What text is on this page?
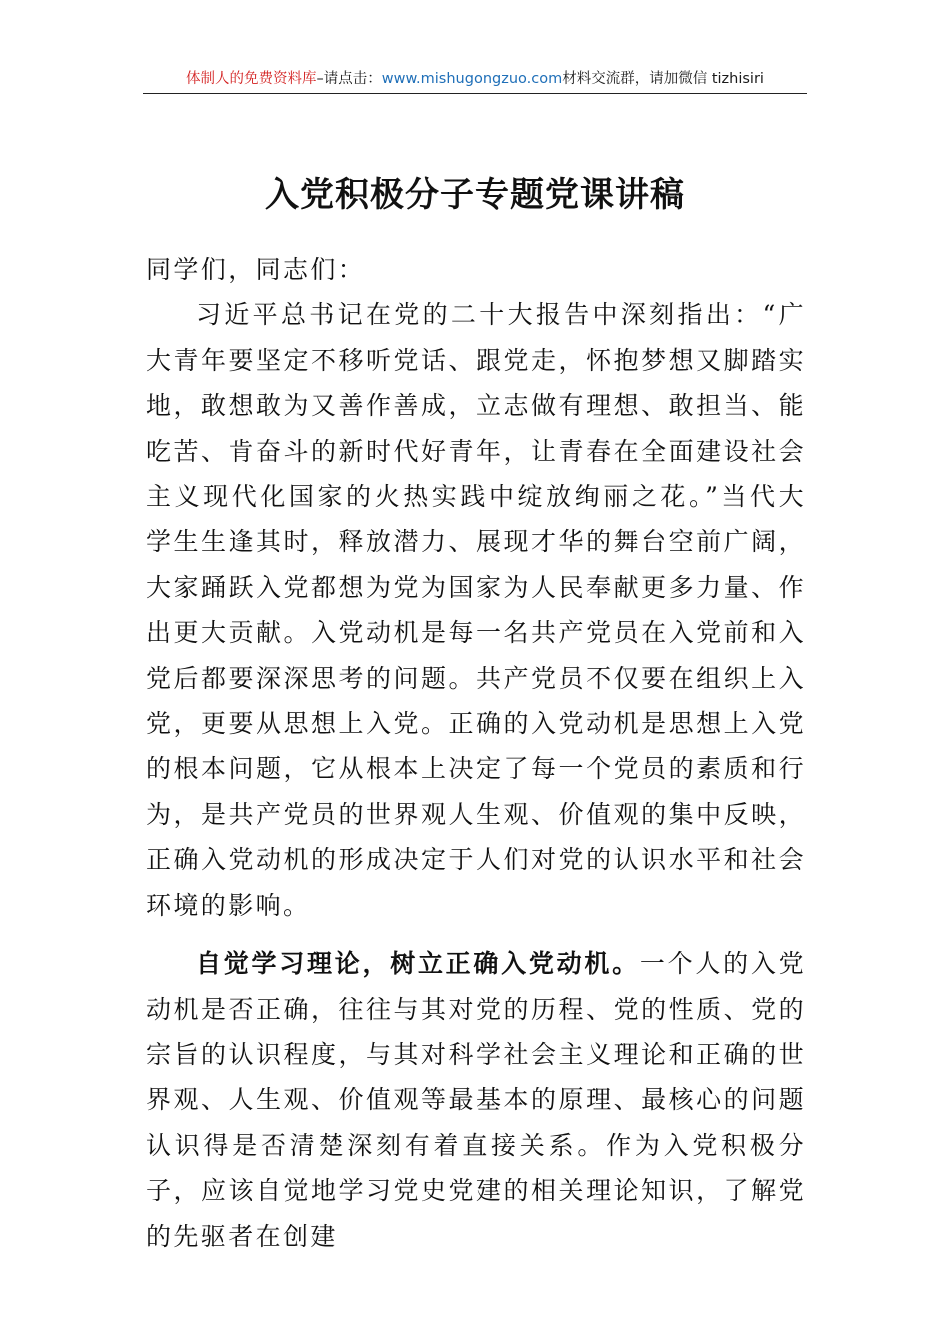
体制人的免费资料库–请点击：www.mishugongzuo.com材料交流群，请加微信 tizhisiri
入党积极分子专题党课讲稿

同学们，同志们：

习近平总书记在党的二十大报告中深刻指出：“广大青年要坚定不移听党话、跟党走，怀抱梦想又脚踏实地，敢想敢为又善作善成，立志做有理想、敢担当、能吃苦、肯奋斗的新时代好青年，让青春在全面建设社会主义现代化国家的火热实践中绽放绚丽之花。”当代大学生生逢其时，释放潜力、展现才华的舞台空前广阔，大家踊跃入党都想为党为国家为人民奉献更多力量、作出更大贡献。入党动机是每一名共产党员在入党前和入党后都要深深思考的问题。共产党员不仅要在组织上入党，更要从思想上入党。正确的入党动机是思想上入党的根本问题，它从根本上决定了每一个党员的素质和行为，是共产党员的世界观人生观、价值观的集中反映，正确入党动机的形成决定于人们对党的认识水平和社会环境的影响。

自觉学习理论，树立正确入党动机。一个人的入党动机是否正确，往往与其对党的历程、党的性质、党的宗旨的认识程度，与其对科学社会主义理论和正确的世界观、人生观、价值观等最基本的原理、最核心的问题认识得是否清楚深刻有着直接关系。作为入党积极分子，应该自觉地学习党史党建的相关理论知识，了解党的先驱者在创建
